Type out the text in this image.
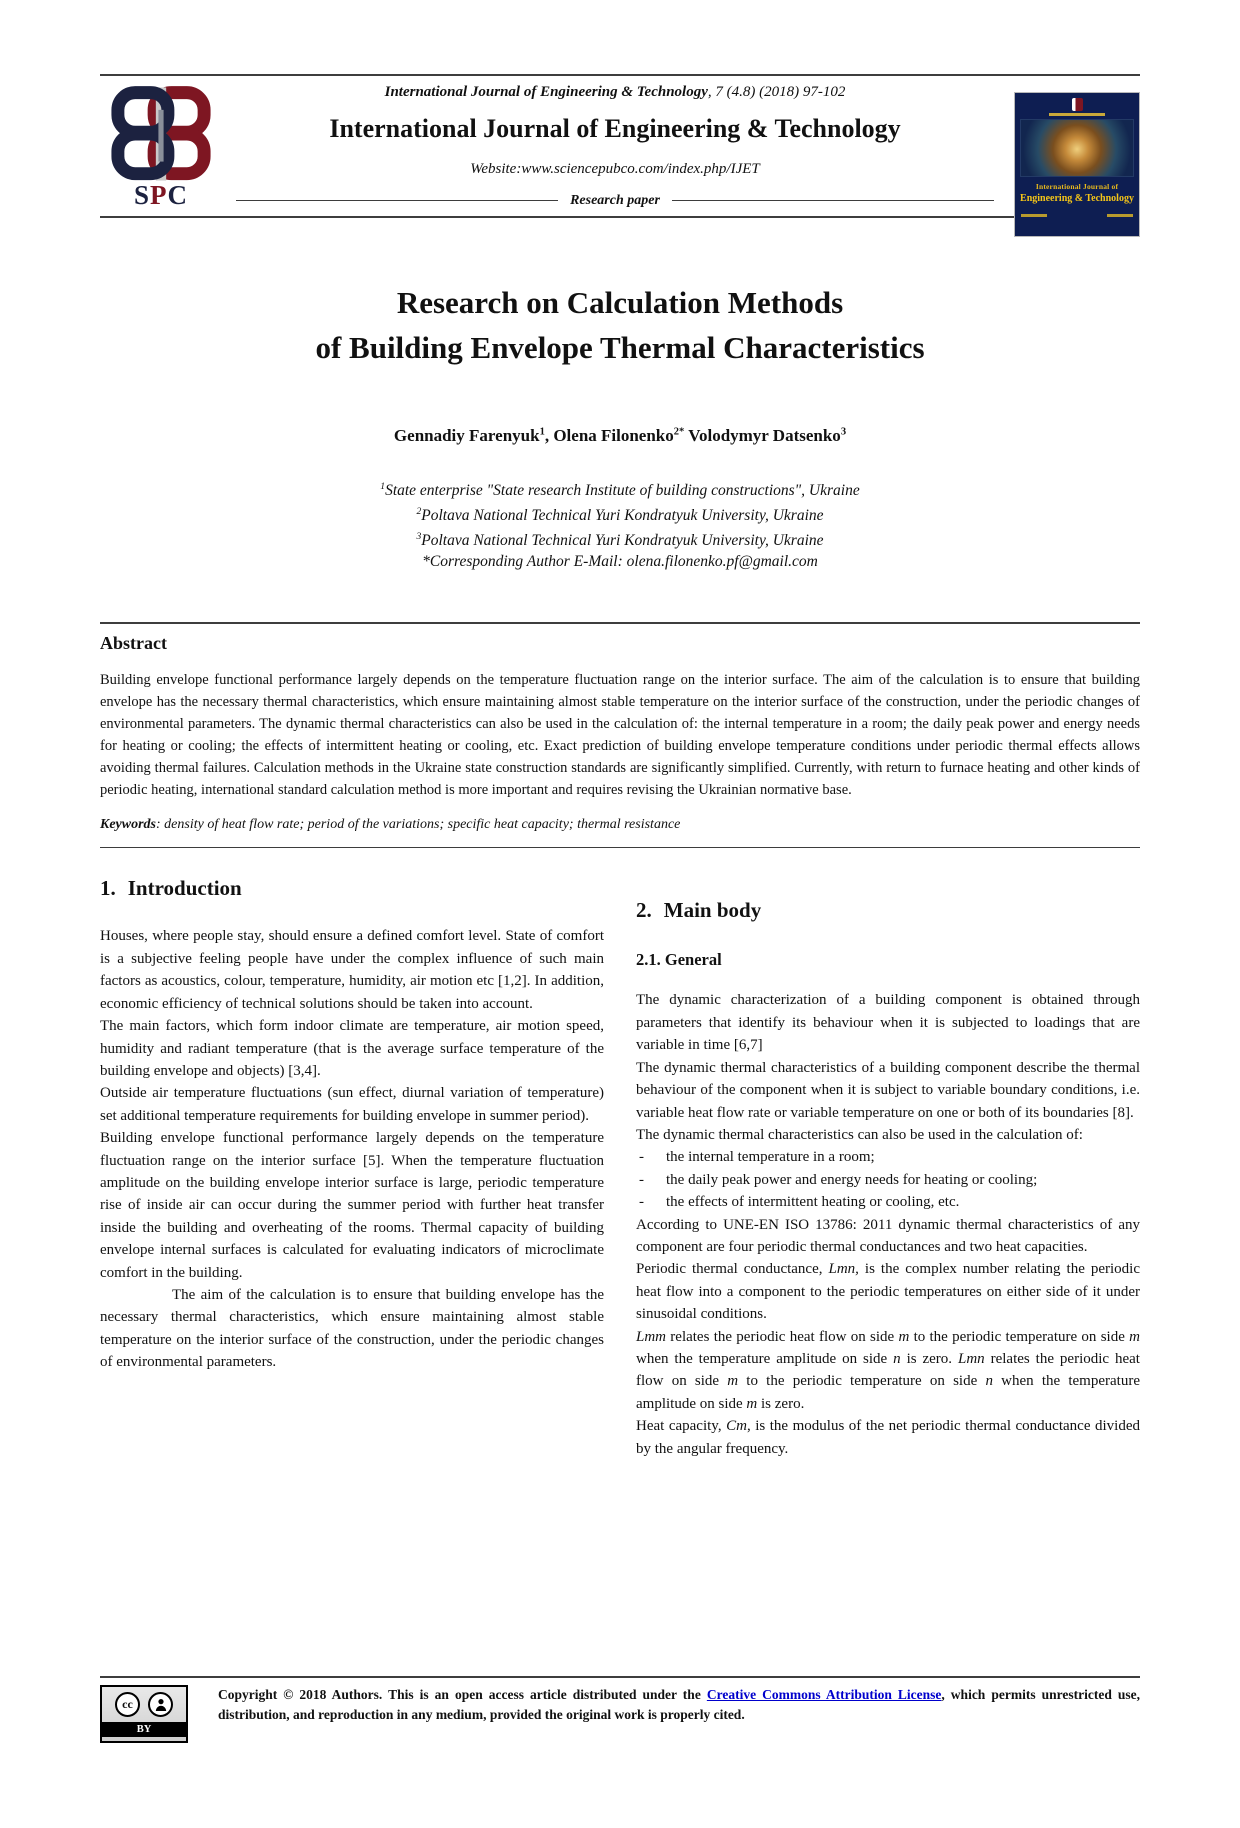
SPC
International Journal of Engineering & Technology, 7 (4.8) (2018) 97-102
International Journal of Engineering & Technology
Website:www.sciencepubco.com/index.php/IJET
Research paper
International Journal of
Engineering & Technology
Research on Calculation Methods
of Building Envelope Thermal Characteristics
Gennadiy Farenyuk$^1$, Olena Filonenko$^{2*}$ Volodymyr Datsenko$^3$
$^1$State enterprise "State research Institute of building constructions", Ukraine
$^2$Poltava National Technical Yuri Kondratyuk University, Ukraine
$^3$Poltava National Technical Yuri Kondratyuk University, Ukraine
*Corresponding Author E-Mail: olena.filonenko.pf@gmail.com
Abstract

Building envelope functional performance largely depends on the temperature fluctuation range on the interior surface. The aim of the calculation is to ensure that building envelope has the necessary thermal characteristics, which ensure maintaining almost stable temperature on the interior surface of the construction, under the periodic changes of environmental parameters. The dynamic thermal characteristics can also be used in the calculation of: the internal temperature in a room; the daily peak power and energy needs for heating or cooling; the effects of intermittent heating or cooling, etc. Exact prediction of building envelope temperature conditions under periodic thermal effects allows avoiding thermal failures. Calculation methods in the Ukraine state construction standards are significantly simplified. Currently, with return to furnace heating and other kinds of periodic heating, international standard calculation method is more important and requires revising the Ukrainian normative base.

Keywords: density of heat flow rate; period of the variations; specific heat capacity; thermal resistance

1. Introduction

Houses, where people stay, should ensure a defined comfort level. State of comfort is a subjective feeling people have under the complex influence of such main factors as acoustics, colour, temperature, humidity, air motion etc [1,2]. In addition, economic efficiency of technical solutions should be taken into account.

The main factors, which form indoor climate are temperature, air motion speed, humidity and radiant temperature (that is the average surface temperature of the building envelope and objects) [3,4].

Outside air temperature fluctuations (sun effect, diurnal variation of temperature) set additional temperature requirements for building envelope in summer period).

Building envelope functional performance largely depends on the temperature fluctuation range on the interior surface [5]. When the temperature fluctuation amplitude on the building envelope interior surface is large, periodic temperature rise of inside air can occur during the summer period with further heat transfer inside the building and overheating of the rooms. Thermal capacity of building envelope internal surfaces is calculated for evaluating indicators of microclimate comfort in the building.

The aim of the calculation is to ensure that building envelope has the necessary thermal characteristics, which ensure maintaining almost stable temperature on the interior surface of the construction, under the periodic changes of environmental parameters.

2. Main body
2.1. General

The dynamic characterization of a building component is obtained through parameters that identify its behaviour when it is subjected to loadings that are variable in time [6,7]

The dynamic thermal characteristics of a building component describe the thermal behaviour of the component when it is subject to variable boundary conditions, i.e. variable heat flow rate or variable temperature on one or both of its boundaries [8].

The dynamic thermal characteristics can also be used in the calculation of:

- the internal temperature in a room;

- the daily peak power and energy needs for heating or cooling;

- the effects of intermittent heating or cooling, etc.

According to UNE-EN ISO 13786: 2011 dynamic thermal characteristics of any component are four periodic thermal conductances and two heat capacities.

Periodic thermal conductance, Lmn, is the complex number relating the periodic heat flow into a component to the periodic temperatures on either side of it under sinusoidal conditions.

Lmm relates the periodic heat flow on side m to the periodic temperature on side m when the temperature amplitude on side n is zero. Lmn relates the periodic heat flow on side m to the periodic temperature on side n when the temperature amplitude on side m is zero.

Heat capacity, Cm, is the modulus of the net periodic thermal conductance divided by the angular frequency.

cc
BY
Copyright © 2018 Authors. This is an open access article distributed under the Creative Commons Attribution License, which permits unrestricted use, distribution, and reproduction in any medium, provided the original work is properly cited.
